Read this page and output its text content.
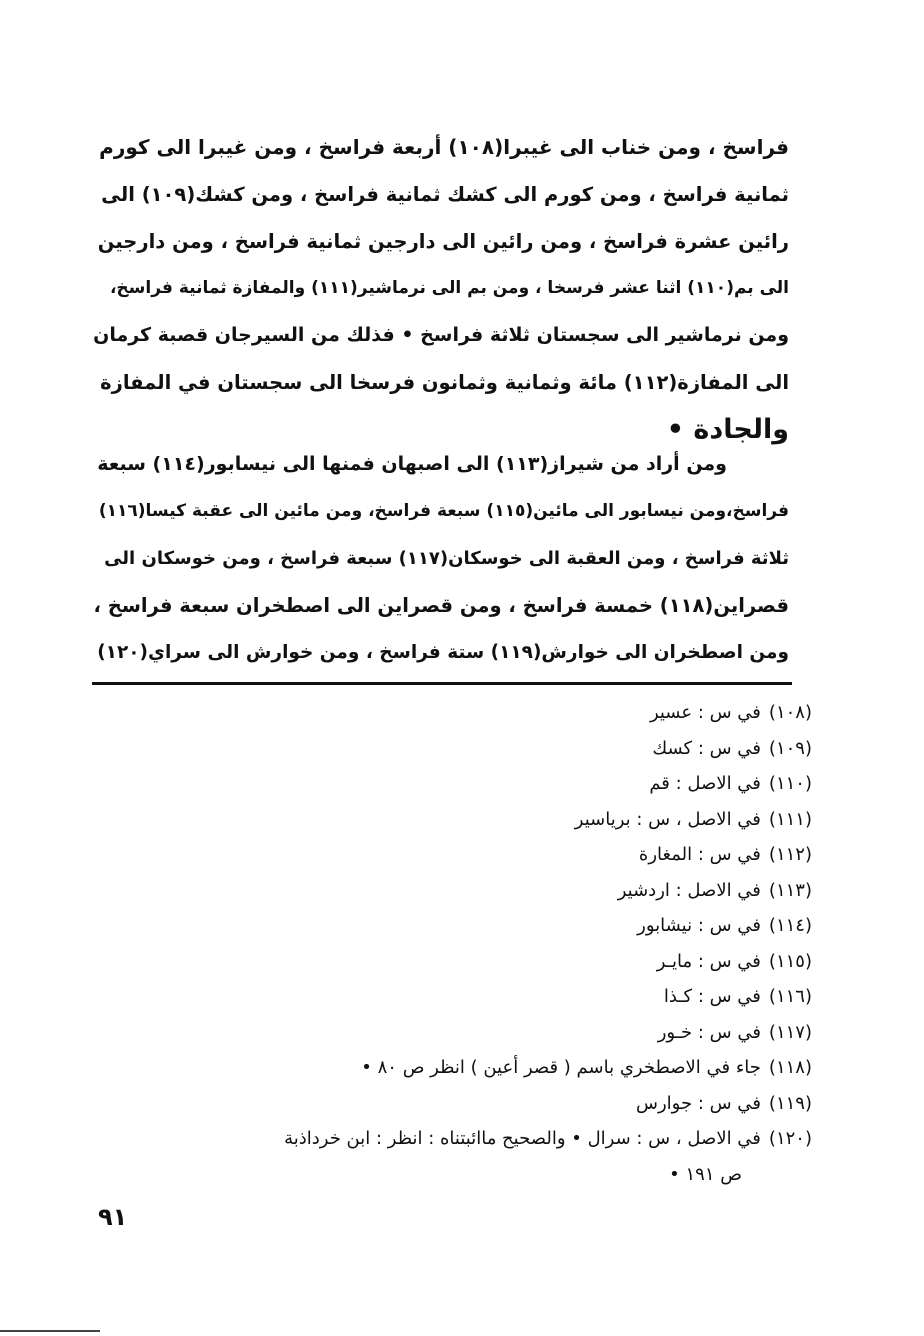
فراسخ ، ومن خناب الى غيبرا(١٠٨) أربعة فراسخ ، ومن غيبرا الى كورم
ثمانية فراسخ ، ومن كورم الى كشك ثمانية فراسخ ، ومن كشك(١٠٩) الى
رائين عشرة فراسخ ، ومن رائين الى دارجين ثمانية فراسخ ، ومن دارجين
الى بم(١١٠) اثنا عشر فرسخا ، ومن بم الى نرماشير(١١١) والمفازة ثمانية فراسخ،
ومن نرماشير الى سجستان ثلاثة فراسخ • فذلك من السيرجان قصبة كرمان
الى المفازة(١١٢) مائة وثمانية وثمانون فرسخا الى سجستان في المفازة
والجادة •
ومن أراد من شيراز(١١٣) الى اصبهان فمنها الى نيسابور(١١٤) سبعة
فراسخ،ومن نيسابور الى مائين(١١٥) سبعة فراسخ، ومن مائين الى عقبة كيسا(١١٦)
ثلاثة فراسخ ، ومن العقبة الى خوسكان(١١٧) سبعة فراسخ ، ومن خوسكان الى
قصراين(١١٨) خمسة فراسخ ، ومن قصراين الى اصطخران سبعة فراسخ ،
ومن اصطخران الى خوارش(١١٩) ستة فراسخ ، ومن خوارش الى سراي(١٢٠)
(١٠٨)في س : عسير
(١٠٩)في س : كسك
(١١٠)في الاصل : قم
(١١١)في الاصل ، س : برياسير
(١١٢)في س : المغارة
(١١٣)في الاصل : اردشير
(١١٤)في س : نيشابور
(١١٥)في س : مايـر
(١١٦)في س : كـذا
(١١٧)في س : خـور
(١١٨)جاء في الاصطخري باسم ( قصر أعين ) انظر ص ٨٠ •
(١١٩)في س : جوارس
(١٢٠)في الاصل ، س : سرال • والصحيح ماائبتناه : انظر : ابن خرداذبة
ص ١٩١ •
٩١
